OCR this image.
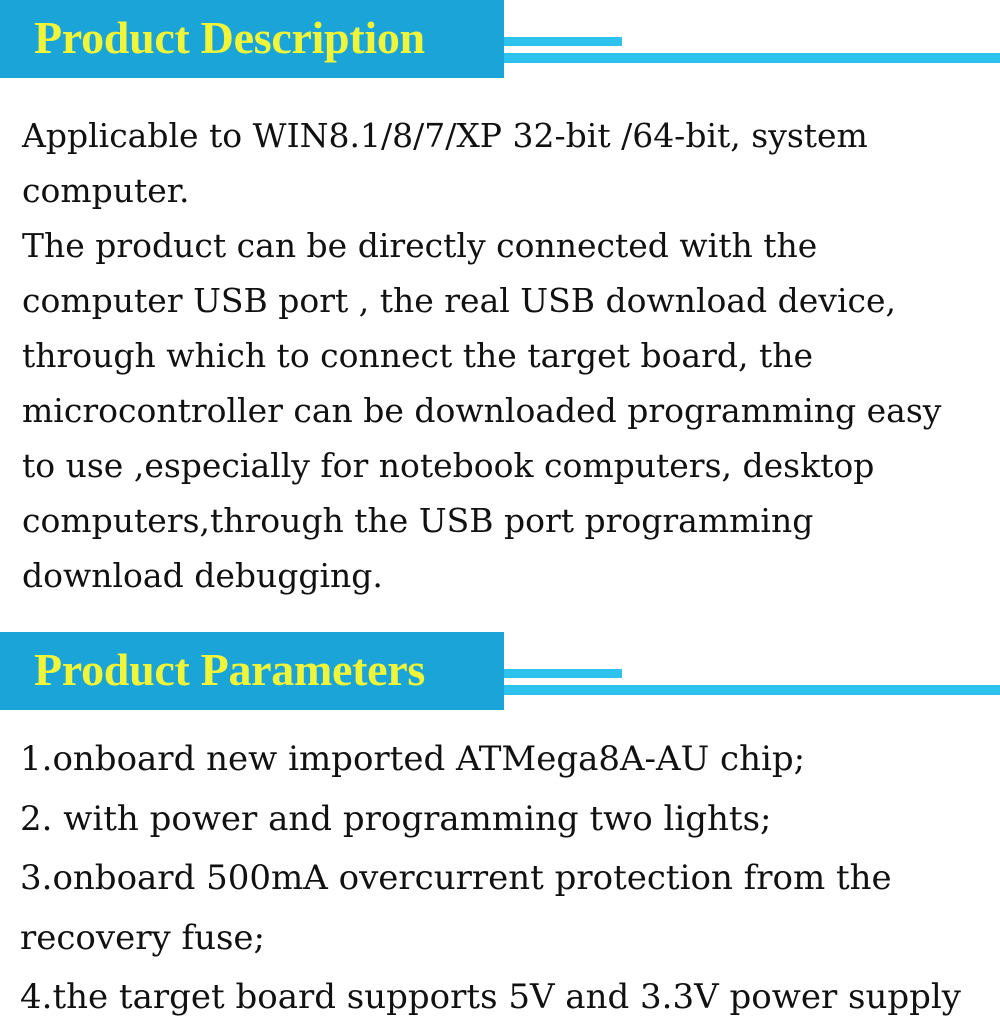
Product Description

Applicable to WIN8.1/8/7/XP 32-bit /64-bit, system computer.

The product can be directly connected with the computer USB port , the real USB download device, through which to connect the target board, the microcontroller can be downloaded programming easy to use ,especially for notebook computers, desktop computers,through the USB port programming download debugging.

Product Parameters
1.onboard new imported ATMega8A-AU chip;
2. with power and programming two lights;
3.onboard 500mA overcurrent protection from the recovery fuse;
4.the target board supports 5V and 3.3V power supply
